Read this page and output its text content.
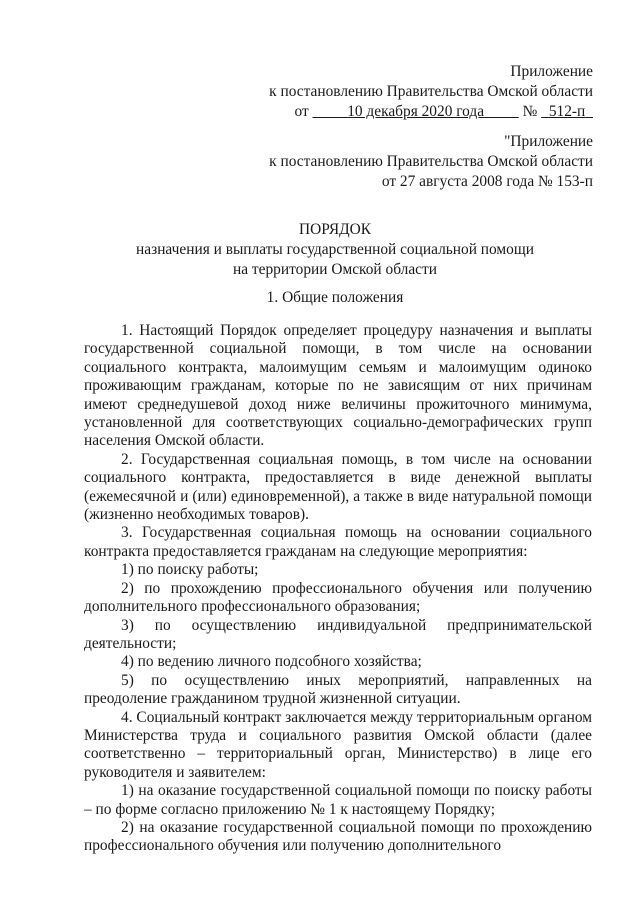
Приложение
к постановлению Правительства Омской области
от	10 декабря 2020 года	№ 512-п
"Приложение
к постановлению Правительства Омской области
от 27 августа 2008 года № 153-п
ПОРЯДОК
назначения и выплаты государственной социальной помощи
на территории Омской области
1. Общие положения

1. Настоящий Порядок определяет процедуру назначения и выплаты государственной социальной помощи, в том числе на основании социального контракта, малоимущим семьям и малоимущим одиноко проживающим гражданам, которые по не зависящим от них причинам имеют среднедушевой доход ниже величины прожиточного минимума, установленной для соответствующих социально-демографических групп населения Омской области.

2. Государственная социальная помощь, в том числе на основании социального контракта, предоставляется в виде денежной выплаты (ежемесячной и (или) единовременной), а также в виде натуральной помощи (жизненно необходимых товаров).

3. Государственная социальная помощь на основании социального контракта предоставляется гражданам на следующие мероприятия:

1) по поиску работы;

2) по прохождению профессионального обучения или получению дополнительного профессионального образования;

3) по осуществлению индивидуальной предпринимательской деятельности;

4) по ведению личного подсобного хозяйства;

5) по осуществлению иных мероприятий, направленных на преодоление гражданином трудной жизненной ситуации.

4. Социальный контракт заключается между территориальным органом Министерства труда и социального развития Омской области (далее соответственно – территориальный орган, Министерство) в лице его руководителя и заявителем:

1) на оказание государственной социальной помощи по поиску работы – по форме согласно приложению № 1 к настоящему Порядку;

2) на оказание государственной социальной помощи по прохождению профессионального обучения или получению дополнительного
